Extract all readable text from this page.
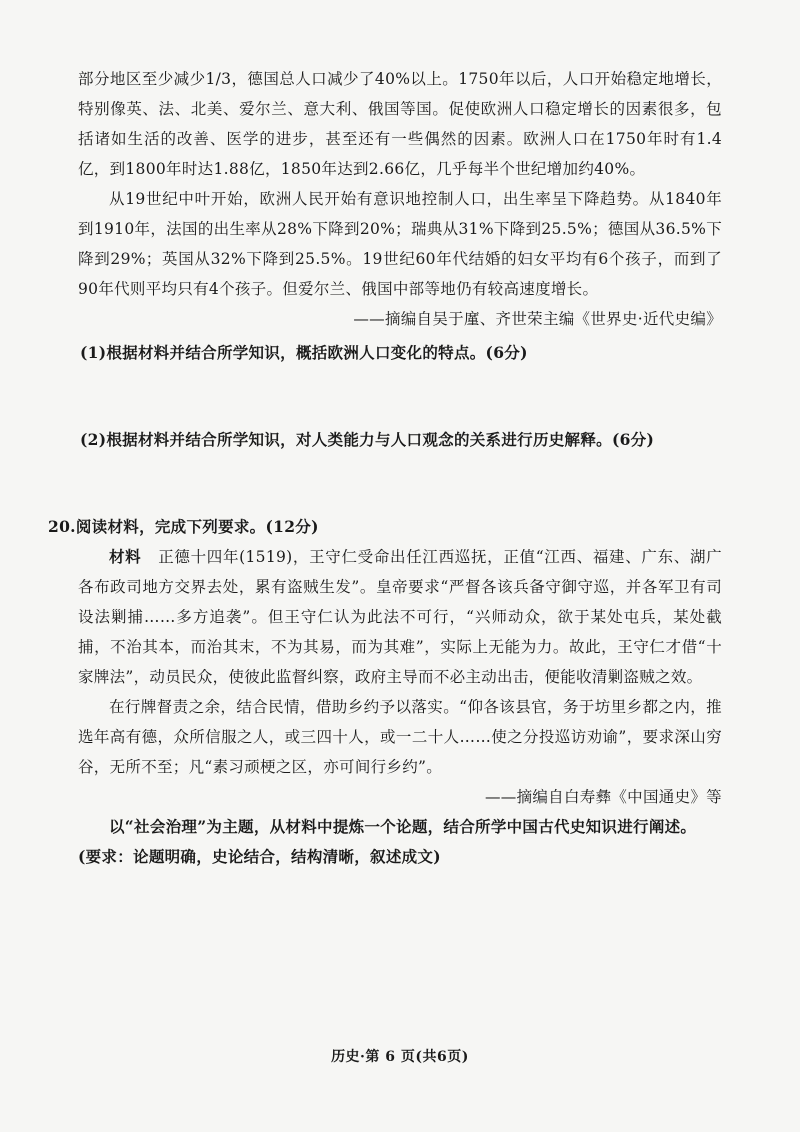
部分地区至少减少1/3，德国总人口减少了40%以上。1750年以后，人口开始稳定地增长，特别像英、法、北美、爱尔兰、意大利、俄国等国。促使欧洲人口稳定增长的因素很多，包括诸如生活的改善、医学的进步，甚至还有一些偶然的因素。欧洲人口在1750年时有1.4亿，到1800年时达1.88亿，1850年达到2.66亿，几乎每半个世纪增加约40%。

从19世纪中叶开始，欧洲人民开始有意识地控制人口，出生率呈下降趋势。从1840年到1910年，法国的出生率从28%下降到20%；瑞典从31%下降到25.5%；德国从36.5%下降到29%；英国从32%下降到25.5%。19世纪60年代结婚的妇女平均有6个孩子，而到了90年代则平均只有4个孩子。但爱尔兰、俄国中部等地仍有较高速度增长。

——摘编自吴于廑、齐世荣主编《世界史·近代史编》

(1)根据材料并结合所学知识，概括欧洲人口变化的特点。(6分)

(2)根据材料并结合所学知识，对人类能力与人口观念的关系进行历史解释。(6分)

20.阅读材料，完成下列要求。(12分)

材料 正德十四年(1519)，王守仁受命出任江西巡抚，正值“江西、福建、广东、湖广各布政司地方交界去处，累有盗贼生发”。皇帝要求“严督各该兵备守御守巡，并各军卫有司设法剿捕……多方追袭”。但王守仁认为此法不可行，“兴师动众，欲于某处屯兵，某处截捕，不治其本，而治其末，不为其易，而为其难”，实际上无能为力。故此，王守仁才借“十家牌法”，动员民众，使彼此监督纠察，政府主导而不必主动出击，便能收清剿盗贼之效。

在行牌督责之余，结合民情，借助乡约予以落实。“仰各该县官，务于坊里乡都之内，推选年高有德，众所信服之人，或三四十人，或一二十人……使之分投巡访劝谕”，要求深山穷谷，无所不至；凡“素习顽梗之区，亦可间行乡约”。

——摘编自白寿彝《中国通史》等

以“社会治理”为主题，从材料中提炼一个论题，结合所学中国古代史知识进行阐述。

(要求：论题明确，史论结合，结构清晰，叙述成文)

历史·第 6 页(共6页)
